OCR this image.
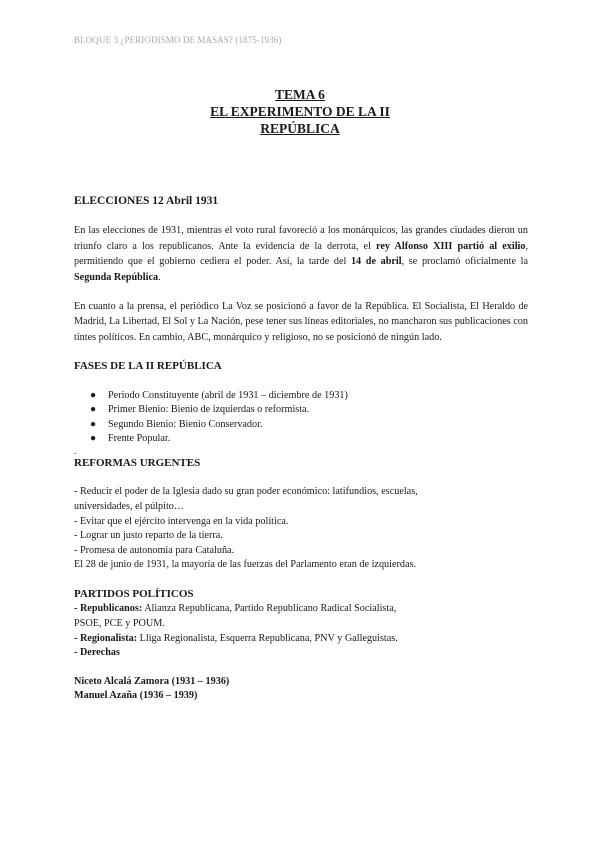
BLOQUE 3 ¿PERIODISMO DE MASAS? (1875-1936)
TEMA 6
EL EXPERIMENTO DE LA II
REPÚBLICA
ELECCIONES 12 Abril 1931

En las elecciones de 1931, mientras el voto rural favoreció a los monárquicos, las grandes ciudades dieron un triunfo claro a los republicanos. Ante la evidencia de la derrota, el rey Alfonso XIII partió al exilio, permitiendo que el gobierno cediera el poder. Así, la tarde del 14 de abril, se proclamó oficialmente la Segunda República.

En cuanto a la prensa, el periódico La Voz se posicionó a favor de la República. El Socialista, El Heraldo de Madrid, La Libertad, El Sol y La Nación, pese tener sus líneas editoriales, no mancharon sus publicaciones con tintes políticos. En cambio, ABC, monárquico y religioso, no se posicionó de ningún lado.

FASES DE LA II REPÚBLICA
● Periodo Constituyente (abril de 1931 – diciembre de 1931)
● Primer Bienio: Bienio de izquierdas o reformista.
● Segundo Bienio: Bienio Conservador.
● Frente Popular.
.
REFORMAS URGENTES
- Reducir el poder de la Iglesia dado su gran poder económico: latifundios, escuelas,
universidades, el púlpito…
- Evitar que el ejército intervenga en la vida política.
- Lograr un justo reparto de la tierra.
- Promesa de autonomía para Cataluña.
El 28 de junio de 1931, la mayoría de las fuerzas del Parlamento eran de izquierdas.
PARTIDOS POLÍTICOS
- Republicanos: Alianza Republicana, Partido Republicano Radical Socialista,
PSOE, PCE y POUM.
- Regionalista: Lliga Regionalista, Esquerra Republicana, PNV y Galleguistas.
- Derechas
Niceto Alcalá Zamora (1931 – 1936)
Manuel Azaña (1936 – 1939)
